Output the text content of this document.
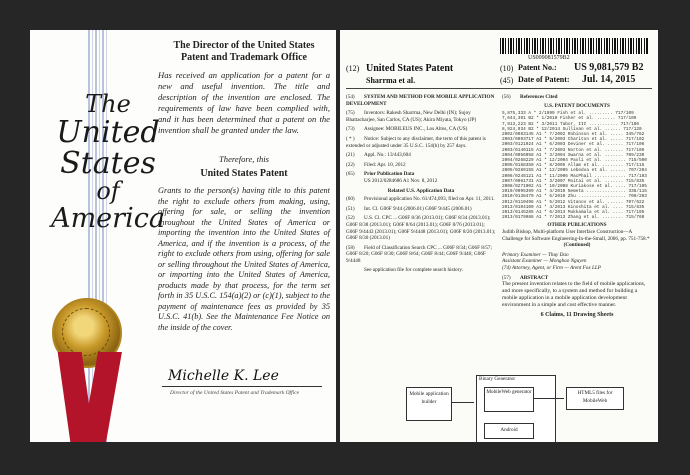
The
United
States
of
America
The Director of the United States
Patent and Trademark Office
Has received an application for a patent for a new and useful invention. The title and description of the invention are enclosed. The requirements of law have been complied with, and it has been determined that a patent on the invention shall be granted under the law.
Therefore, this
United States Patent
Grants to the person(s) having title to this patent the right to exclude others from making, using, offering for sale, or selling the invention throughout the United States of America or importing the invention into the United States of America, and if the invention is a process, of the right to exclude others from using, offering for sale or selling throughout the United States of America, or importing into the United States of America, products made by that process, for the term set forth in 35 U.S.C. 154(a)(2) or (c)(1), subject to the payment of maintenance fees as provided by 35 U.S.C. 41(b). See the Maintenance Fee Notice on the inside of the cover.
Michelle K. Lee
Director of the United States Patent and Trademark Office
US009081579B2
(12) United States Patent
Sharrma et al.
(10) Patent No.: US 9,081,579 B2
(45) Date of Patent: Jul. 14, 2015
(54) SYSTEM AND METHOD FOR MOBILE APPLICATION DEVELOPMENT
(75) Inventors: Rakesh Sharrma, New Delhi (IN); Sujoy Bhattacharjee, San Carlos, CA (US); Akira Miyata, Tokyo (JP)
(73) Assignee: MOBILEUS INC., Los Altos, CA (US)
( * ) Notice: Subject to any disclaimer, the term of this patent is extended or adjusted under 35 U.S.C. 154(b) by 257 days.
(21) Appl. No.: 13/443,604
(22) Filed: Apr. 10, 2012
(65) Prior Publication Data
US 2012/0284686 A1 Nov. 8, 2012
Related U.S. Application Data
(60) Provisional application No. 61/474,093, filed on Apr. 11, 2011.
(51) Int. Cl. G06F 9/44 (2006.01) G06F 9/445 (2006.01)
(52) U.S. Cl. CPC ... G06F 8/36 (2013.01); G06F 8/34 (2013.01); G06F 8/38 (2013.01); G06F 8/64 (2013.01); G06F 8/76 (2013.01); G06F 9/4443 (2013.01); G06F 9/4448 (2013.01); G06F 8/20 (2013.01); G06F 8/30 (2013.01)
(58) Field of Classification Search CPC ... G06F 8/34; G06F 8/57; G06F 8/20; G06F 8/30; G06F 8/64; G06F 8/44; G06F 9/446; G06F 9/4448
See application file for complete search history.
(56) References Cited
U.S. PATENT DOCUMENTS
5,875,333 A * 2/1999 Fish et al. ......... 717/109
7,644,391 B2 * 1/2010 Fisher et al. ....... 717/109
7,913,223 B2 * 3/2011 Tabor, III ........... 717/106
8,924,934 B2 * 12/2014 Sullivan et al. ...... 717/120
2002/0083145 A1 * 7/2002 Robinson et al. ..... 345/762
2003/0093717 A1 * 5/2003 Chariton et al. ..... 717/102
2003/0121024 A1 * 6/2003 Deviner et al. ...... 717/106
2003/0140115 A1 * 7/2003 Norton et al. ....... 717/106
2004/0056058 A1 * 3/2004 Swarna et al. ....... 709/230
2004/0268229 A1 * 12/2004 Paoli et al. ........ 715/500
2005/0188350 A1 * 8/2005 Allam et al. ........ 717/115
2005/0289155 A1 * 12/2005 Lebedva et al. ...... 707/204
2006/0248121 A1 * 11/2006 MacPhail ............ 717/103
2007/0061731 A1 * 3/2007 Moitai et al. ....... 715/835
2008/0271002 A1 * 10/2008 Kuriakose et al. .... 717/105
2010/0095399 A1 * 4/2010 Nemeta ............... 336/115
2010/0138479 A1 * 6/2010 Zhu .................. 709/203
2012/0110496 A1 * 5/2012 Vitanov et al. ...... 707/622
2013/0104100 A1 * 4/2013 Kinoshita et al. .... 715/835
2013/0145285 A1 * 6/2013 Mukkamala et al. .... 717/105
2013/0179986 A1 * 7/2013 Zhang et al. ........ 715/760
OTHER PUBLICATIONS
Judith Bishop, Multi-platform User Interface Construction—A Challenge for Software Engineering-In-the-Small, 2006, pp. 751-758.*
(Continued)
Primary Examiner — Thuy Dao
Assistant Examiner — Mongbao Nguyen
(74) Attorney, Agent, or Firm — Arent Fox LLP
(57) ABSTRACT
The present invention relates to the field of mobile applications, and more specifically, to a system and method for building a mobile application in a mobile application development environment in a simple and cost effective manner.
6 Claims, 11 Drawing Sheets
Mobile application builder
Binary Generator
MobileWeb generator
Android
HTML5 files for MobileWeb
